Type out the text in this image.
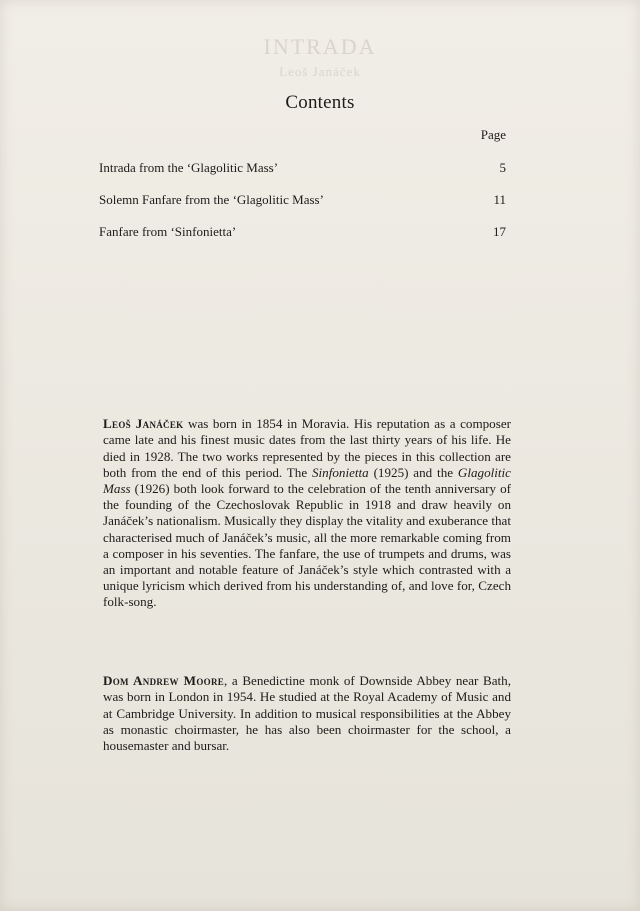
INTRADA
Leoš Janáček
Contents
Page
Intrada from the ‘Glagolitic Mass’	5
Solemn Fanfare from the ‘Glagolitic Mass’	11
Fanfare from ‘Sinfonietta’	17

Leoš Janáček was born in 1854 in Moravia. His reputation as a composer came late and his finest music dates from the last thirty years of his life. He died in 1928. The two works represented by the pieces in this collection are both from the end of this period. The Sinfonietta (1925) and the Glagolitic Mass (1926) both look forward to the celebration of the tenth anniversary of the founding of the Czechoslovak Republic in 1918 and draw heavily on Janáček’s nationalism. Musically they display the vitality and exuberance that characterised much of Janáček’s music, all the more remarkable coming from a composer in his seventies. The fanfare, the use of trumpets and drums, was an important and notable feature of Janáček’s style which contrasted with a unique lyricism which derived from his understanding of, and love for, Czech folk-song.

Dom Andrew Moore, a Benedictine monk of Downside Abbey near Bath, was born in London in 1954. He studied at the Royal Academy of Music and at Cambridge University. In addition to musical responsibilities at the Abbey as monastic choirmaster, he has also been choirmaster for the school, a housemaster and bursar.
